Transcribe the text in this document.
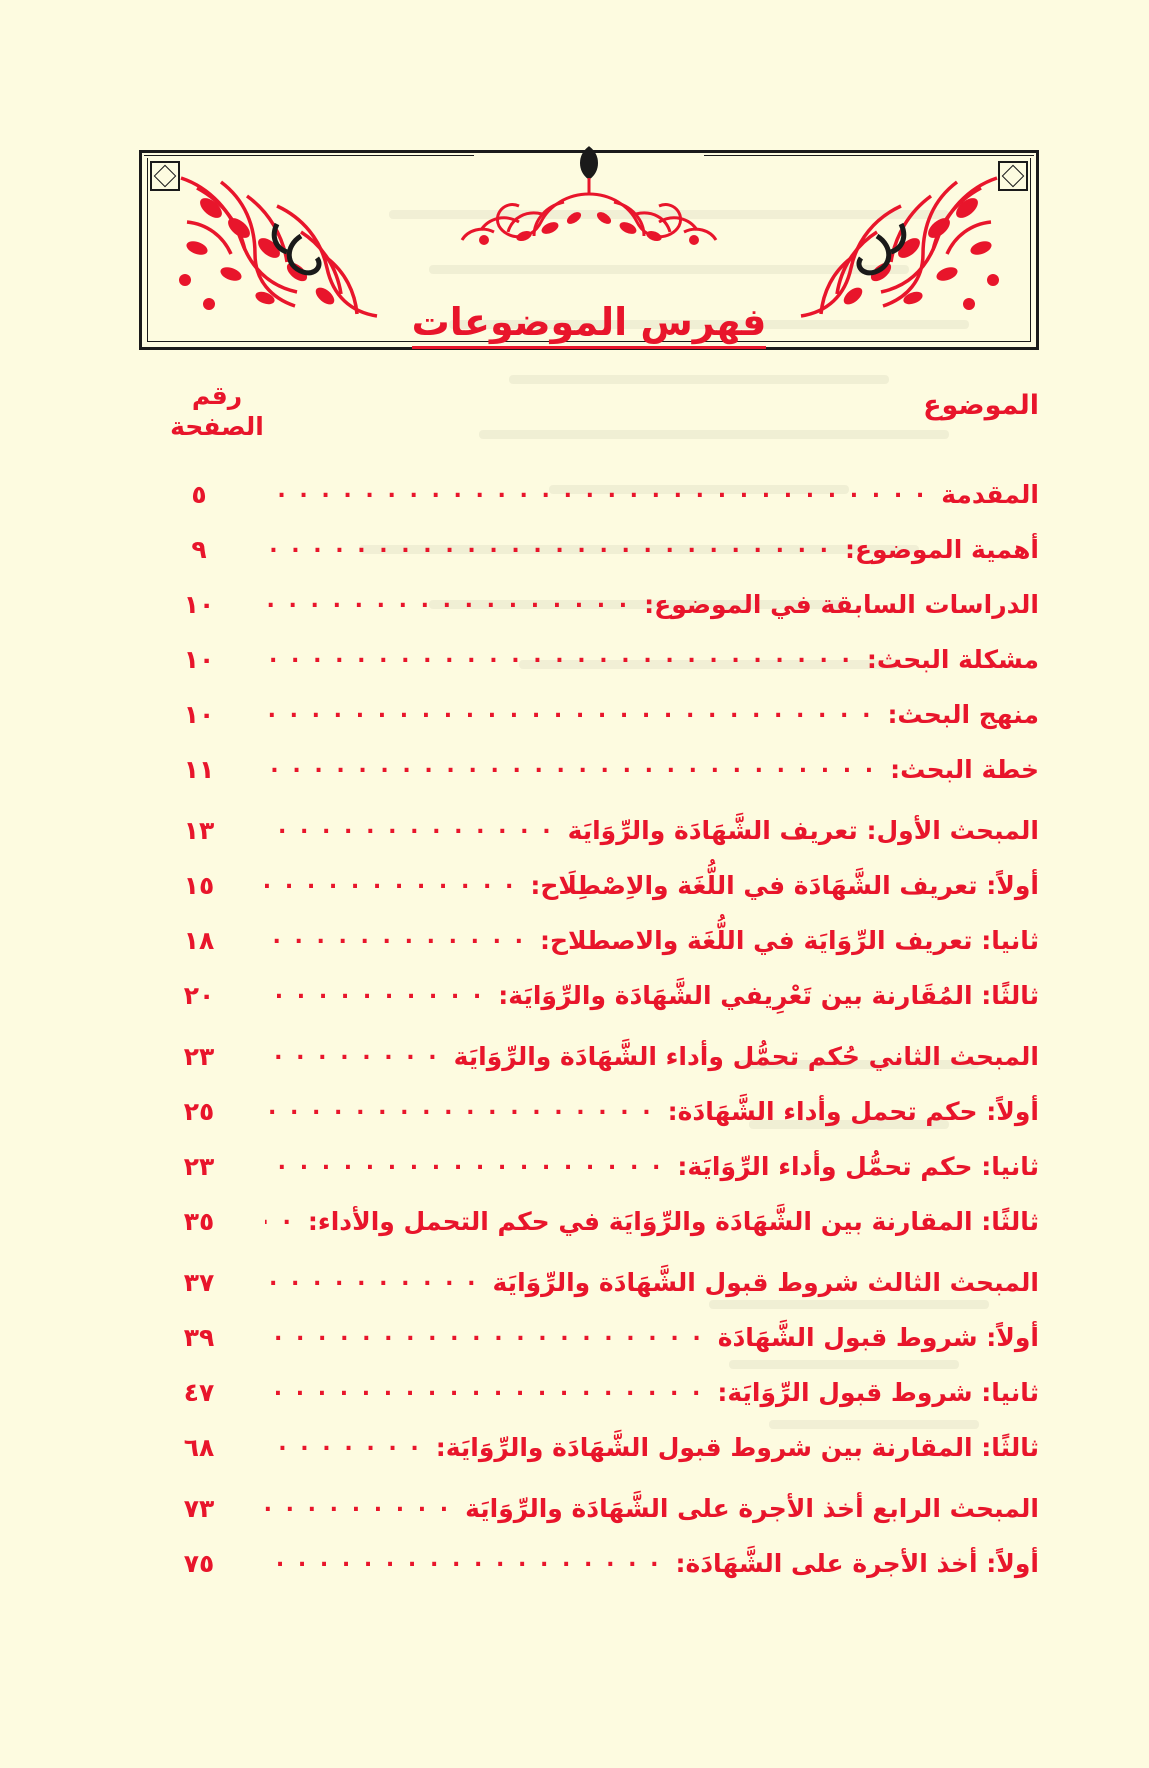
فهرس الموضوعات
الموضوع
رقم
الصفحة
المقدمة
. . .
٥
أهمية الموضوع:
. . .
٩
الدراسات السابقة في الموضوع:
. . .
١٠
مشكلة البحث:
. . .
١٠
منهج البحث:
. . .
١٠
خطة البحث:
. . .
١١
المبحث الأول: تعريف الشَّهَادَة والرِّوَايَة
. . .
١٣
أولاً: تعريف الشَّهَادَة في اللُّغَة والاِصْطِلَاح:
. . .
١٥
ثانيا: تعريف الرِّوَايَة في اللُّغَة والاصطلاح:
. . .
١٨
ثالثًا: المُقَارنة بين تَعْرِيفي الشَّهَادَة والرِّوَايَة:
. . .
٢٠
المبحث الثاني حُكم تحمُّل وأداء الشَّهَادَة والرِّوَايَة
. . .
٢٣
أولاً: حكم تحمل وأداء الشَّهَادَة:
. . .
٢٥
ثانيا: حكم تحمُّل وأداء الرِّوَايَة:
. . .
٢٣
ثالثًا: المقارنة بين الشَّهَادَة والرِّوَايَة في حكم التحمل والأداء:
. . .
٣٥
المبحث الثالث شروط قبول الشَّهَادَة والرِّوَايَة
. . .
٣٧
أولاً: شروط قبول الشَّهَادَة
. . .
٣٩
ثانيا: شروط قبول الرِّوَايَة:
. . .
٤٧
ثالثًا: المقارنة بين شروط قبول الشَّهَادَة والرِّوَايَة:
. . .
٦٨
المبحث الرابع أخذ الأجرة على الشَّهَادَة والرِّوَايَة
. . .
٧٣
أولاً: أخذ الأجرة على الشَّهَادَة:
. . .
٧٥
